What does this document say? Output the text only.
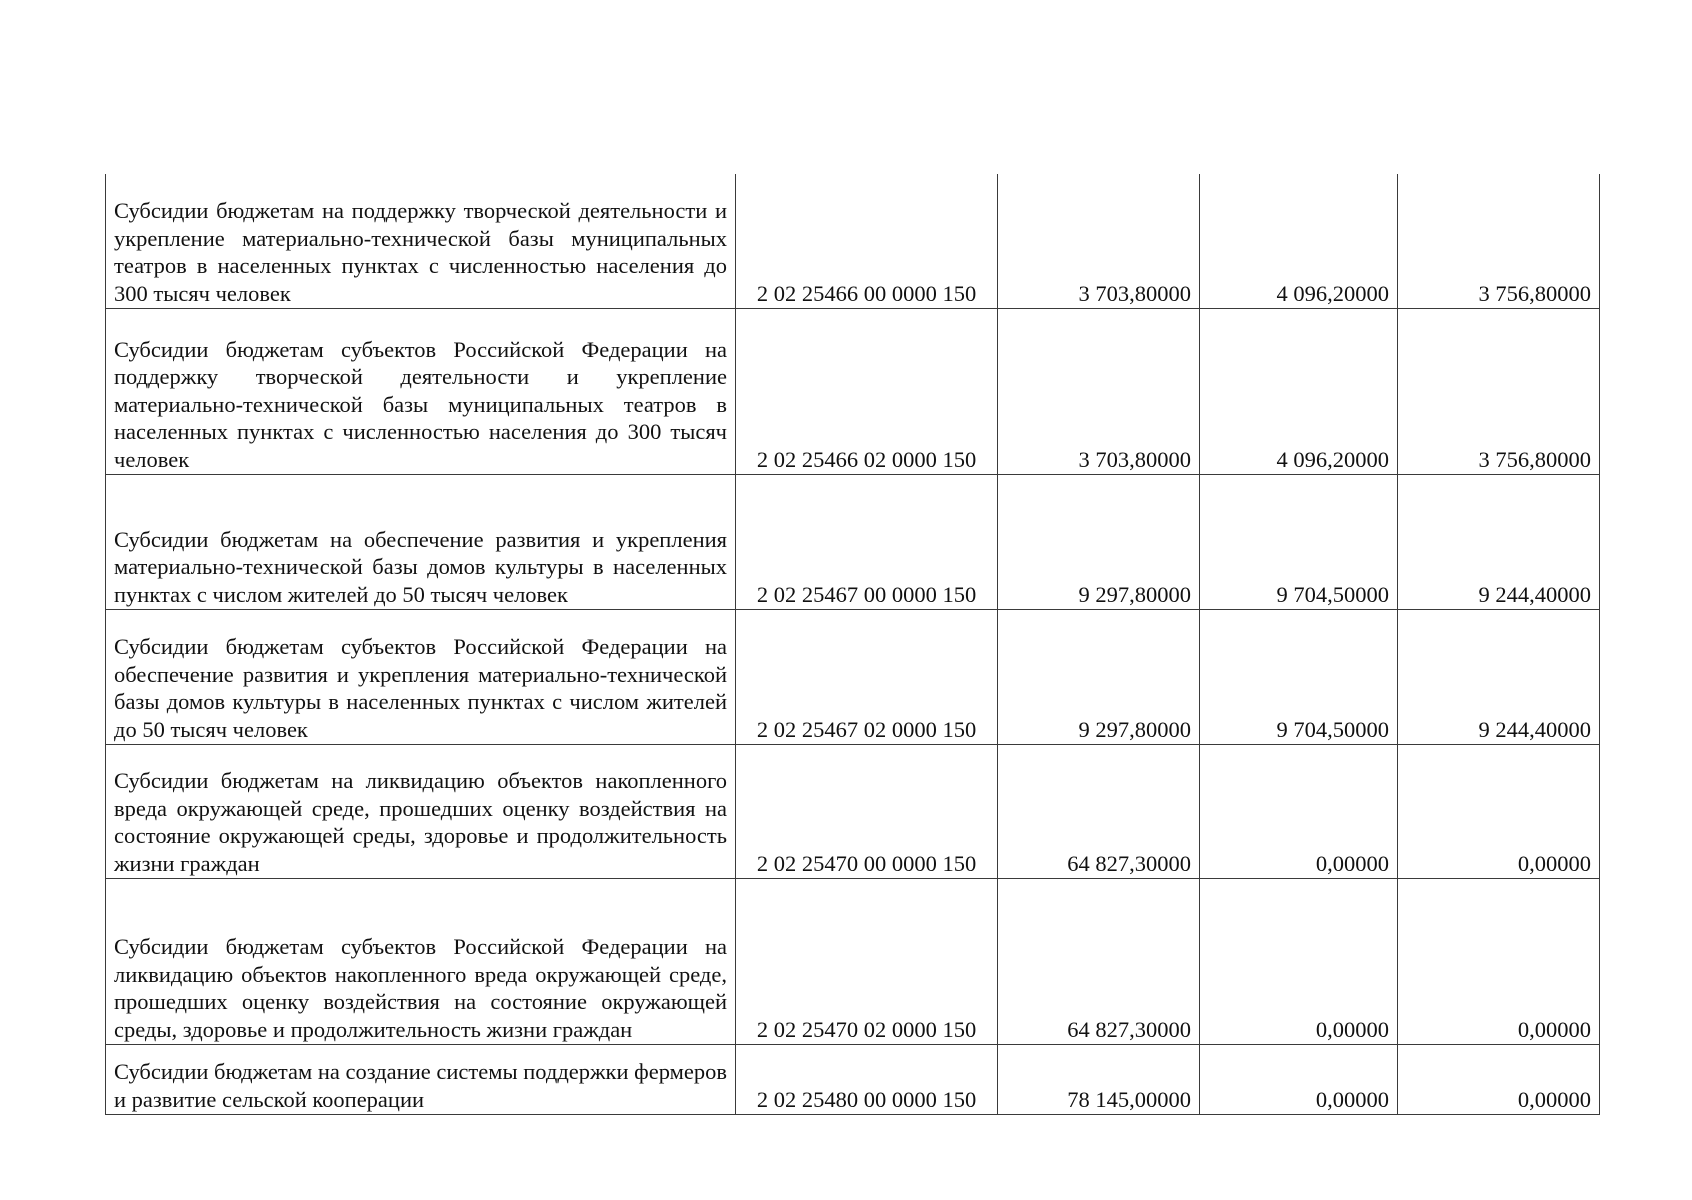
Субсидии бюджетам на поддержку творческой деятельности и укрепление материально-технической базы муниципальных театров в населенных пунктах с численностью населения до 300 тысяч человек	2 02 25466 00 0000 150	3 703,80000	4 096,20000	3 756,80000
Субсидии бюджетам субъектов Российской Федерации на поддержку творческой деятельности и укрепление материально-технической базы муниципальных театров в населенных пунктах с численностью населения до 300 тысяч человек	2 02 25466 02 0000 150	3 703,80000	4 096,20000	3 756,80000
Субсидии бюджетам на обеспечение развития и укрепления материально-технической базы домов культуры в населенных пунктах с числом жителей до 50 тысяч человек	2 02 25467 00 0000 150	9 297,80000	9 704,50000	9 244,40000
Субсидии бюджетам субъектов Российской Федерации на обеспечение развития и укрепления материально-технической базы домов культуры в населенных пунктах с числом жителей до 50 тысяч человек	2 02 25467 02 0000 150	9 297,80000	9 704,50000	9 244,40000
Субсидии бюджетам на ликвидацию объектов накопленного вреда окружающей среде, прошедших оценку воздействия на состояние окружающей среды, здоровье и продолжительность жизни граждан	2 02 25470 00 0000 150	64 827,30000	0,00000	0,00000
Субсидии бюджетам субъектов Российской Федерации на ликвидацию объектов накопленного вреда окружающей среде, прошедших оценку воздействия на состояние окружающей среды, здоровье и продолжительность жизни граждан	2 02 25470 02 0000 150	64 827,30000	0,00000	0,00000
Субсидии бюджетам на создание системы поддержки фермеров и развитие сельской кооперации	2 02 25480 00 0000 150	78 145,00000	0,00000	0,00000
